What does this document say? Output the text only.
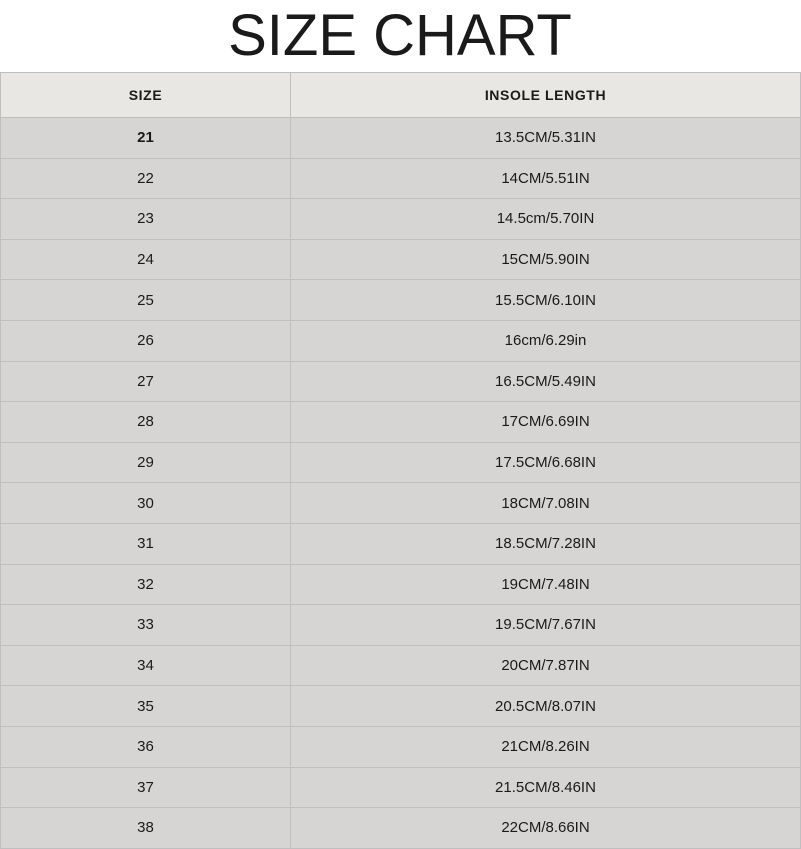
SIZE CHART
SIZE	INSOLE LENGTH
21	13.5CM/5.31IN
22	14CM/5.51IN
23	14.5cm/5.70IN
24	15CM/5.90IN
25	15.5CM/6.10IN
26	16cm/6.29in
27	16.5CM/5.49IN
28	17CM/6.69IN
29	17.5CM/6.68IN
30	18CM/7.08IN
31	18.5CM/7.28IN
32	19CM/7.48IN
33	19.5CM/7.67IN
34	20CM/7.87IN
35	20.5CM/8.07IN
36	21CM/8.26IN
37	21.5CM/8.46IN
38	22CM/8.66IN
